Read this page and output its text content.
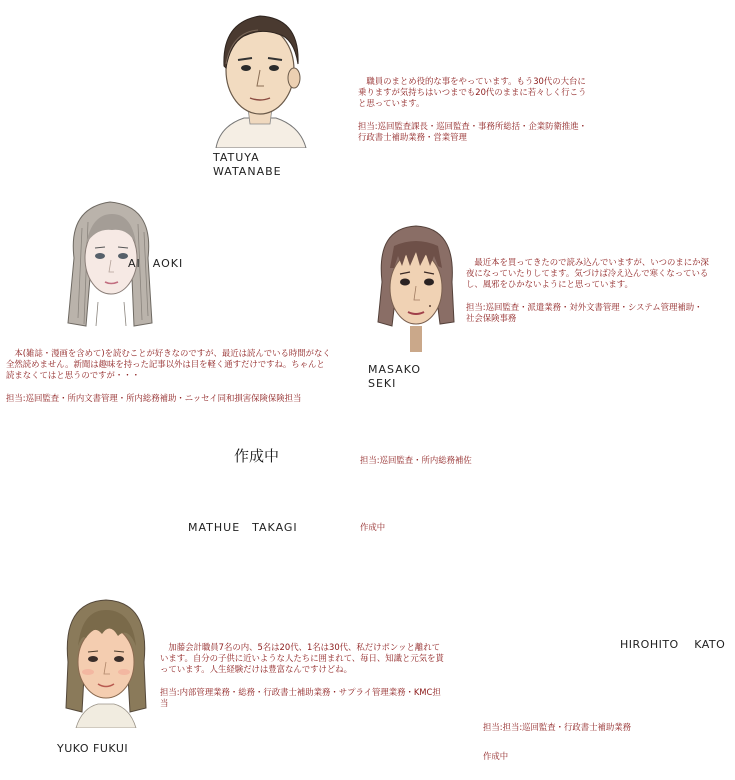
TATUYA
WATANABE

　職員のまとめ役的な事をやっています。もう30代の大台に乗りますが気持ちはいつまでも20代のままに若々しく行こうと思っています。

担当:巡回監査課長・巡回監査・事務所総括・企業防衛推進・行政書士補助業務・営業管理

AI　AOKI

　本(雑誌・漫画を含めて)を読むことが好きなのですが、最近は読んでいる時間がなく全然読めません。新聞は趣味を持った記事以外は目を軽く通すだけですね。ちゃんと読まなくてはと思うのですが・・・

担当:巡回監査・所内文書管理・所内総務補助・ニッセイ同和損害保険保険担当

MASAKO
SEKI

　最近本を買ってきたので読み込んでいますが、いつのまにか深夜になっていたりしてます。気づけば冷え込んで寒くなっているし、風邪をひかないようにと思っています。

担当:巡回監査・派遣業務・対外文書管理・システム管理補助・社会保険事務

作成中	担当:巡回監査・所内総務補佐
MATHUE　TAKAGI	作成中

　加藤会計職員7名の内、5名は20代、1名は30代、私だけポンッと離れています。自分の子供に近いような人たちに囲まれて、毎日、知識と元気を貰っています。人生経験だけは豊富なんですけどね。

担当:内部管理業務・総務・行政書士補助業務・サプライ管理業務・KMC担当

YUKO FUKUI
HIROHITO　 KATO
担当:担当:巡回監査・行政書士補助業務
作成中
